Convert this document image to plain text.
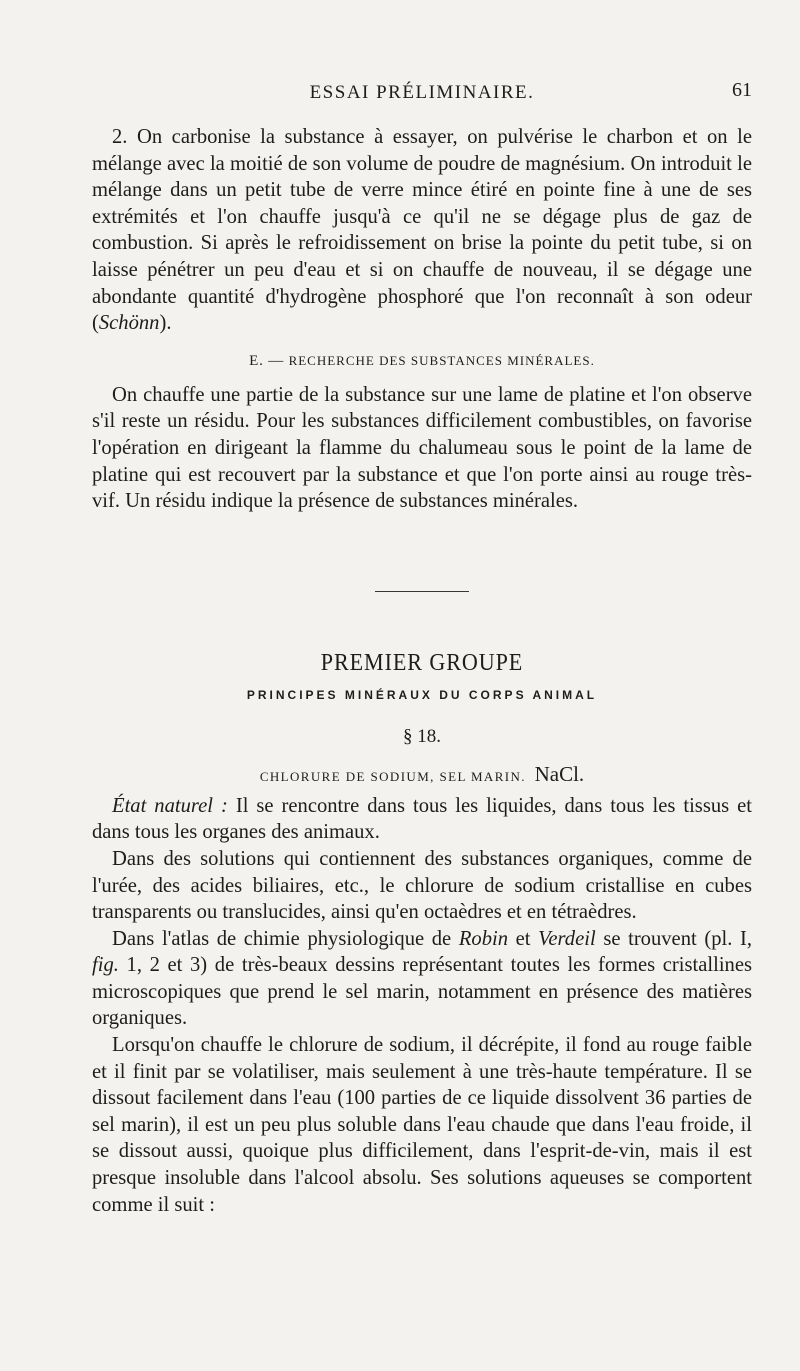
ESSAI PRÉLIMINAIRE.	61

2. On carbonise la substance à essayer, on pulvérise le charbon et on le mélange avec la moitié de son volume de poudre de magnésium. On introduit le mélange dans un petit tube de verre mince étiré en pointe fine à une de ses extrémités et l'on chauffe jusqu'à ce qu'il ne se dégage plus de gaz de combustion. Si après le refroidissement on brise la pointe du petit tube, si on laisse pénétrer un peu d'eau et si on chauffe de nouveau, il se dégage une abondante quantité d'hydrogène phosphoré que l'on reconnaît à son odeur (Schönn).

E. — RECHERCHE DES SUBSTANCES MINÉRALES.

On chauffe une partie de la substance sur une lame de platine et l'on observe s'il reste un résidu. Pour les substances difficilement combustibles, on favorise l'opération en dirigeant la flamme du chalumeau sous le point de la lame de platine qui est recouvert par la substance et que l'on porte ainsi au rouge très-vif. Un résidu indique la présence de substances minérales.

PREMIER GROUPE
PRINCIPES MINÉRAUX DU CORPS ANIMAL
§ 18.
CHLORURE DE SODIUM, SEL MARIN. NaCl.

État naturel : Il se rencontre dans tous les liquides, dans tous les tissus et dans tous les organes des animaux.

Dans des solutions qui contiennent des substances organiques, comme de l'urée, des acides biliaires, etc., le chlorure de sodium cristallise en cubes transparents ou translucides, ainsi qu'en octaèdres et en tétraèdres.

Dans l'atlas de chimie physiologique de Robin et Verdeil se trouvent (pl. I, fig. 1, 2 et 3) de très-beaux dessins représentant toutes les formes cristallines microscopiques que prend le sel marin, notamment en présence des matières organiques.

Lorsqu'on chauffe le chlorure de sodium, il décrépite, il fond au rouge faible et il finit par se volatiliser, mais seulement à une très-haute température. Il se dissout facilement dans l'eau (100 parties de ce liquide dissolvent 36 parties de sel marin), il est un peu plus soluble dans l'eau chaude que dans l'eau froide, il se dissout aussi, quoique plus difficilement, dans l'esprit-de-vin, mais il est presque insoluble dans l'alcool absolu. Ses solutions aqueuses se comportent comme il suit :
